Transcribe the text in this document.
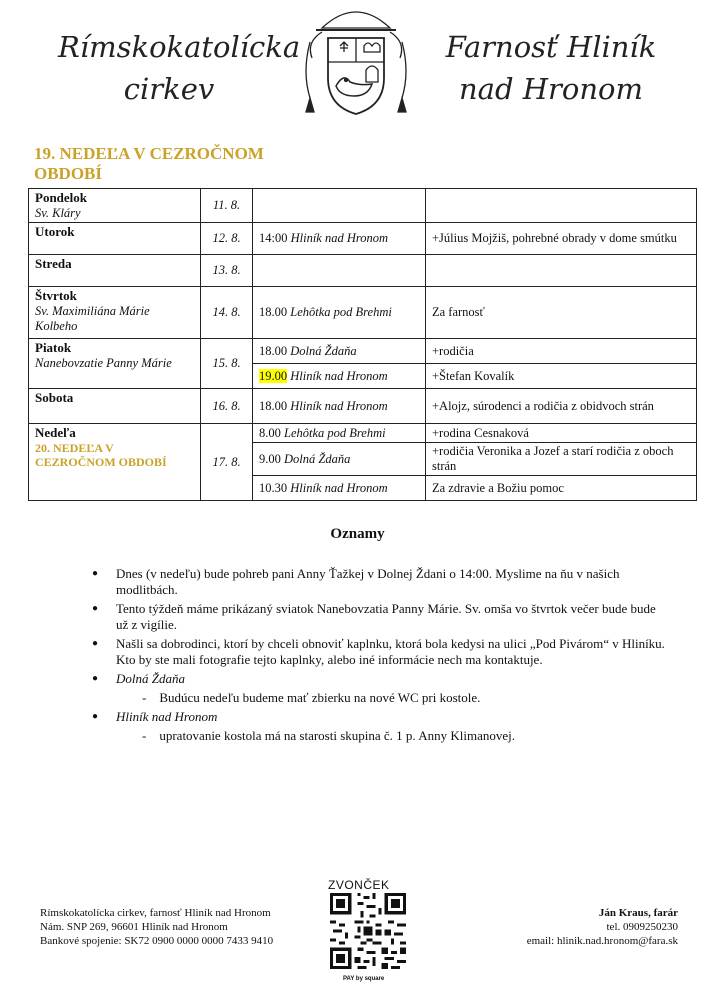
Rímskokatolícka
cirkev
Farnosť Hliník
nad Hronom
19. NEDEĽA V CEZROČNOM OBDOBÍ
Pondelok
Sv. Kláry	11. 8.		

Utorok	12. 8.	14:00 Hliník nad Hronom	+Július Mojžiš, pohrebné obrady v dome smútku

Streda	13. 8.		

Štvrtok
Sv. Maximiliána Márie Kolbeho	14. 8.	18.00 Lehôtka pod Brehmi	Za farnosť

Piatok
Nanebovzatie Panny Márie	15. 8.	18.00 Dolná Ždaňa	+rodičia
		19.00 Hliník nad Hronom	+Štefan Kovalík

Sobota	16. 8.	18.00 Hliník nad Hronom	+Alojz, súrodenci a rodičia z obidvoch strán

Nedeľa
20. NEDEĽA V CEZROČNOM OBDOBÍ	17. 8.	8.00 Lehôtka pod Brehmi	+rodina Cesnaková
		9.00 Dolná Ždaňa	+rodičia Veronika a Jozef a starí rodičia z oboch strán
		10.30 Hliník nad Hronom	Za zdravie a Božiu pomoc
Oznamy
● Dnes (v nedeľu) bude pohreb pani Anny Ťažkej v Dolnej Ždani o 14:00. Myslime na ňu v našich modlitbách.
● Tento týždeň máme prikázaný sviatok Nanebovzatia Panny Márie. Sv. omša vo štvrtok večer bude bude už z vigílie.
● Našli sa dobrodinci, ktorí by chceli obnoviť kaplnku, ktorá bola kedysi na ulici „Pod Pivárom“ v Hliníku. Kto by ste mali fotografie tejto kaplnky, alebo iné informácie nech ma kontaktuje.
● Dolná Ždaňa
-    Budúcu nedeľu budeme mať zbierku na nové WC pri kostole.
● Hliník nad Hronom
-    upratovanie kostola má na starosti skupina č. 1 p. Anny Klimanovej.
Rímskokatolícka cirkev, farnosť Hliník nad Hronom
Nám. SNP 269, 96601 Hliník nad Hronom
Bankové spojenie: SK72 0900 0000 0000 7433 9410
ZVONČEK
PAY by square
Ján Kraus, farár
tel. 0909250230
email: hlinik.nad.hronom@fara.sk
